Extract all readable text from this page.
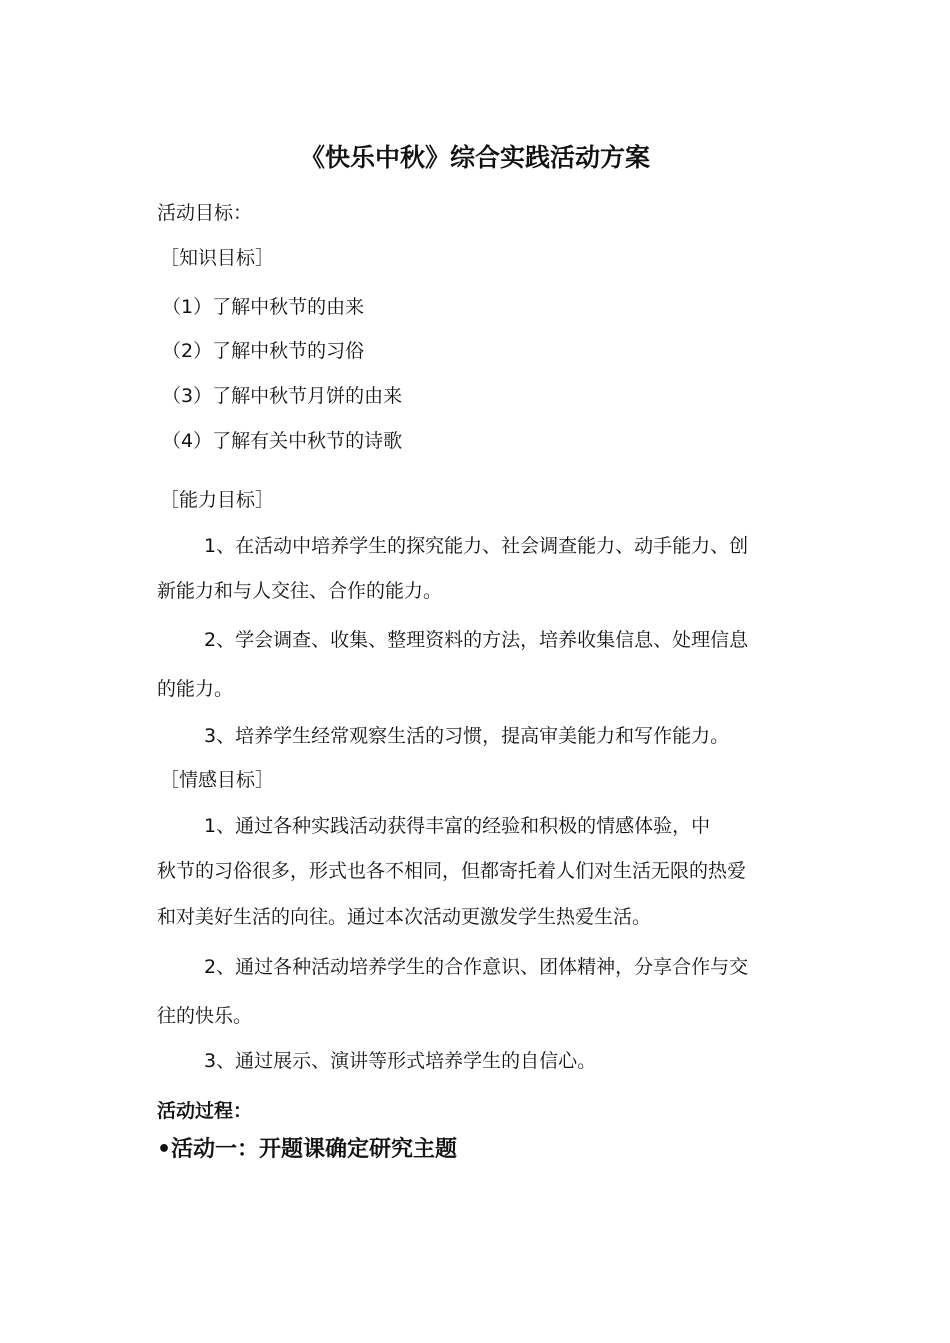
《快乐中秋》综合实践活动方案
活动目标：
［知识目标］
（1）了解中秋节的由来
（2）了解中秋节的习俗
（3）了解中秋节月饼的由来
（4）了解有关中秋节的诗歌
［能力目标］
1、在活动中培养学生的探究能力、社会调查能力、动手能力、创
新能力和与人交往、合作的能力。
2、学会调查、收集、整理资料的方法，培养收集信息、处理信息
的能力。
3、培养学生经常观察生活的习惯，提高审美能力和写作能力。
［情感目标］
1、通过各种实践活动获得丰富的经验和积极的情感体验，中
秋节的习俗很多，形式也各不相同，但都寄托着人们对生活无限的热爱
和对美好生活的向往。通过本次活动更激发学生热爱生活。
2、通过各种活动培养学生的合作意识、团体精神，分享合作与交
往的快乐。
3、通过展示、演讲等形式培养学生的自信心。
活动过程：
•活动一：开题课确定研究主题
